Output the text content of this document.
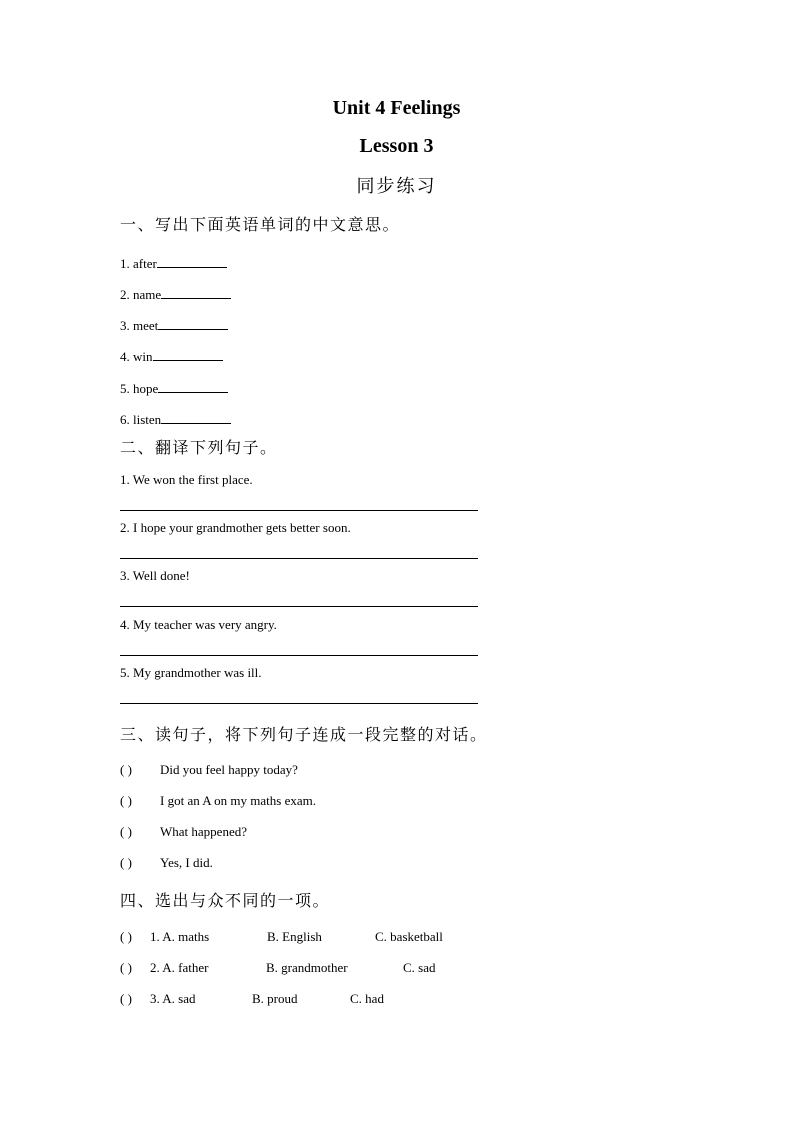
Unit 4 Feelings
Lesson 3
同步练习
一、写出下面英语单词的中文意思。
1. after
2. name
3. meet
4. win
5. hope
6. listen
二、翻译下列句子。
1. We won the first place.
2. I hope your grandmother gets better soon.
3. Well done!
4. My teacher was very angry.
5. My grandmother was ill.
三、读句子，将下列句子连成一段完整的对话。
( ) Did you feel happy today?
( ) I got an A on my maths exam.
( ) What happened?
( ) Yes, I did.
四、选出与众不同的一项。
( ) 1. A. maths	B. English	C. basketball
( ) 2. A. father	B. grandmother	C. sad
( ) 3. A. sad	B. proud	C. had
